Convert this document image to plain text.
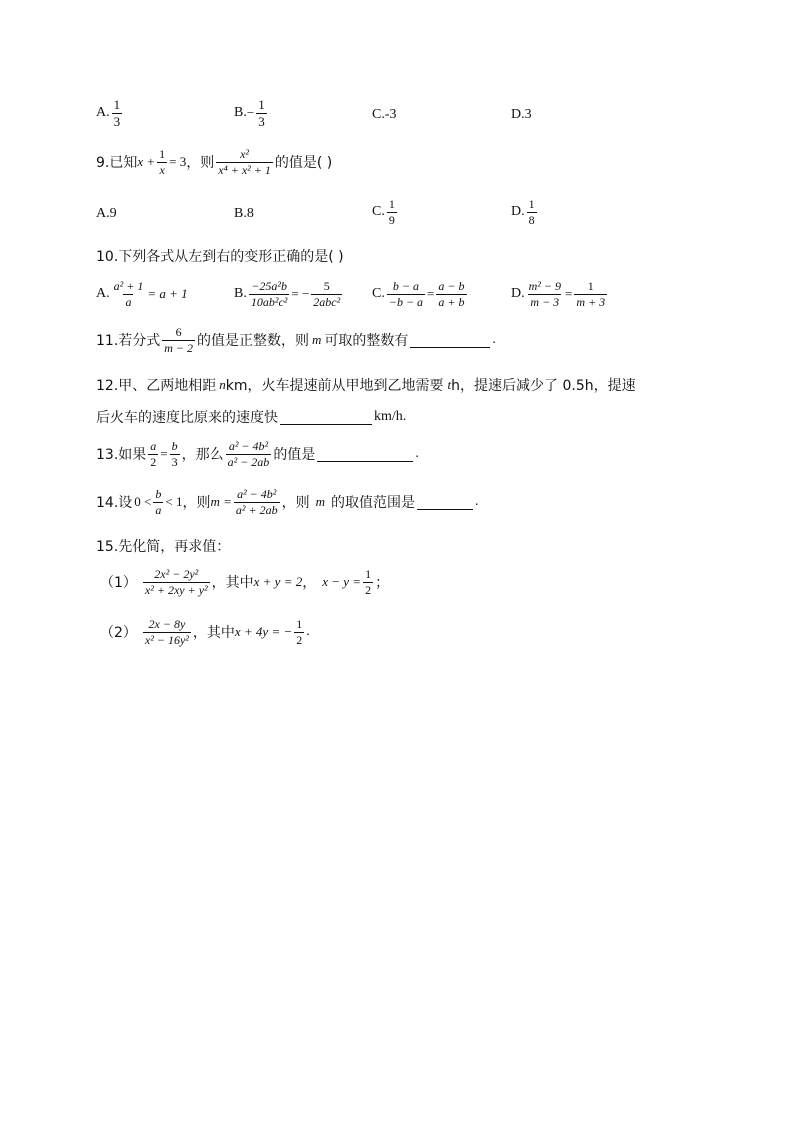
A. $\frac{1}{3}$	B. − $\frac{1}{3}$	C.-3	D.3
9.已知 $x + \frac{1}{x} = 3$ ，则 $\frac{\text{x²}}{\text{x⁴ + x² + 1}}$ 的值是( )
A.9	B.8	C. $\frac{1}{9}$	D. $\frac{1}{8}$
10.下列各式从左到右的变形正确的是( )
A. $\frac{\text{a² + 1}}{a} = a + 1$	B. $\frac{\text{−25a²b}}{\text{10ab²c²}}$ = − $\frac{5}{\text{2abc²}} C$. $\frac{b - a}{-b - a} = \frac{a - b}{a + b}$	D. $\frac{\text{m² − 9}}{m - 3} = \frac{1}{m + 3}$
11.若分式 $\frac{6}{m - 2}$ 的值是正整数，则 m 可取的整数有	.
12.甲、乙两地相距 n km，火车提速前从甲地到乙地需要 t h，提速后减少了 0.5h，提速
后火车的速度比原来的速度快	km/h.
13.如果 $\frac{a}{2} = \frac{b}{3}$ ，那么 $\frac{\text{a² − 4b²}}{\text{a² − 2ab}}$ 的值是	.
14.设 $0 < \frac{b}{a} < 1$ ，则 $m = \frac{\text{a² − 4b²}}{\text{a² + 2ab}}$ ，则 m 的取值范围是	.
15.先化简，再求值：
$(1) \frac{\text{2x² − 2y²}}{\text{x² + 2xy + y²}}$ ，其中 x + y = 2 ， $x - y = \frac{1}{2}$ ；
$(2) \frac{2x - 8y}{\text{x² − 16y²}}$ ，其中 x + 4y = − $\frac{1}{2}$ .
